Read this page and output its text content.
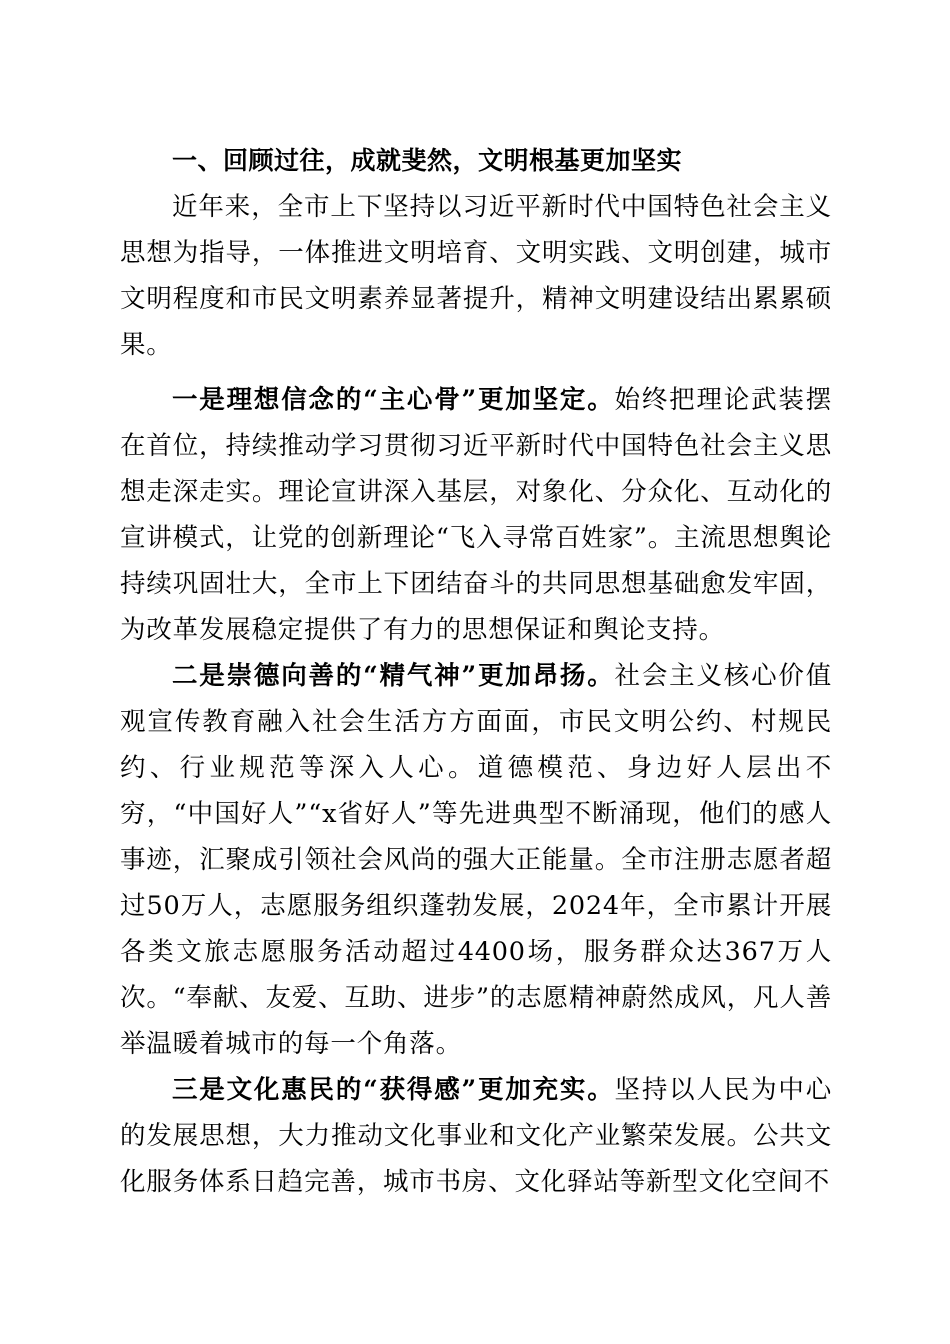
一、回顾过往，成就斐然，文明根基更加坚实

近年来，全市上下坚持以习近平新时代中国特色社会主义思想为指导，一体推进文明培育、文明实践、文明创建，城市文明程度和市民文明素养显著提升，精神文明建设结出累累硕果。

一是理想信念的“主心骨”更加坚定。始终把理论武装摆在首位，持续推动学习贯彻习近平新时代中国特色社会主义思想走深走实。理论宣讲深入基层，对象化、分众化、互动化的宣讲模式，让党的创新理论“飞入寻常百姓家”。主流思想舆论持续巩固壮大，全市上下团结奋斗的共同思想基础愈发牢固，为改革发展稳定提供了有力的思想保证和舆论支持。

二是崇德向善的“精气神”更加昂扬。社会主义核心价值观宣传教育融入社会生活方方面面，市民文明公约、村规民约、行业规范等深入人心。道德模范、身边好人层出不穷，“中国好人”“x省好人”等先进典型不断涌现，他们的感人事迹，汇聚成引领社会风尚的强大正能量。全市注册志愿者超过50万人，志愿服务组织蓬勃发展，2024年，全市累计开展各类文旅志愿服务活动超过4400场，服务群众达367万人次。“奉献、友爱、互助、进步”的志愿精神蔚然成风，凡人善举温暖着城市的每一个角落。

三是文化惠民的“获得感”更加充实。坚持以人民为中心的发展思想，大力推动文化事业和文化产业繁荣发展。公共文化服务体系日趋完善，城市书房、文化驿站等新型文化空间不
